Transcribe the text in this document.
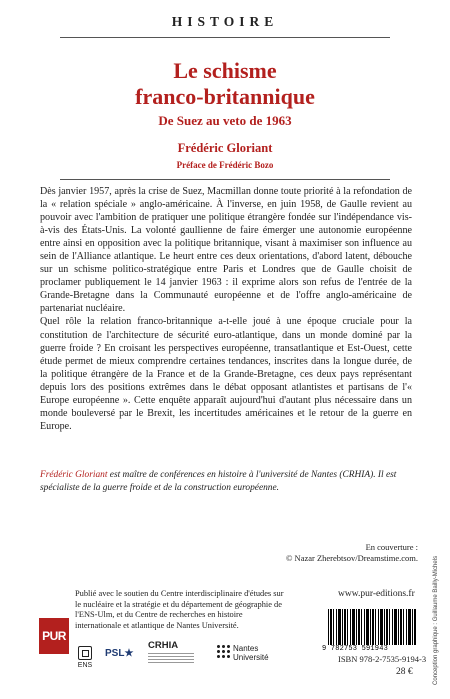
HISTOIRE
Le schisme
franco-britannique
De Suez au veto de 1963
Frédéric Gloriant
Préface de Frédéric Bozo

Dès janvier 1957, après la crise de Suez, Macmillan donne toute priorité à la refondation de la « relation spéciale » anglo-américaine. À l'inverse, en juin 1958, de Gaulle revient au pouvoir avec l'ambition de pratiquer une politique étrangère fondée sur l'indépendance vis-à-vis des États-Unis. La volonté gaullienne de faire émerger une autonomie européenne entre ainsi en opposition avec la politique britannique, visant à maximiser son influence au sein de l'Alliance atlantique. Le heurt entre ces deux orientations, d'abord latent, débouche sur un schisme politico-stratégique entre Paris et Londres que de Gaulle choisit de proclamer publiquement le 14 janvier 1963 : il exprime alors son refus de l'entrée de la Grande-Bretagne dans la Communauté européenne et de l'offre anglo-américaine de partenariat nucléaire.

Quel rôle la relation franco-britannique a-t-elle joué à une époque cruciale pour la constitution de l'architecture de sécurité euro-atlantique, dans un monde dominé par la guerre froide ? En croisant les perspectives européenne, transatlantique et Est-Ouest, cette étude permet de mieux comprendre certaines tendances, inscrites dans la longue durée, de la politique étrangère de la France et de la Grande-Bretagne, ces deux pays représentant depuis lors des positions extrêmes dans le débat opposant atlantistes et partisans de l'« Europe européenne ». Cette enquête apparaît aujourd'hui d'autant plus nécessaire dans un monde bouleversé par le Brexit, les incertitudes américaines et le retour de la guerre en Europe.

Frédéric Gloriant est maître de conférences en histoire à l'université de Nantes (CRHIA). Il est spécialiste de la guerre froide et de la construction européenne.
En couverture :
© Nazar Zherebtsov/Dreamstime.com.	Conception graphique : Guillaume Bailly-Michels
PUR
Publié avec le soutien du Centre interdisciplinaire d'études sur le nucléaire et la stratégie et du département de géographie de l'ENS-Ulm, et du Centre de recherches en histoire internationale et atlantique de Nantes Université.
ENS
PSL★
CRHIA	Nantes
Université
www.pur-editions.fr
9 782753 591943
ISBN 978-2-7535-9194-3
28 €
